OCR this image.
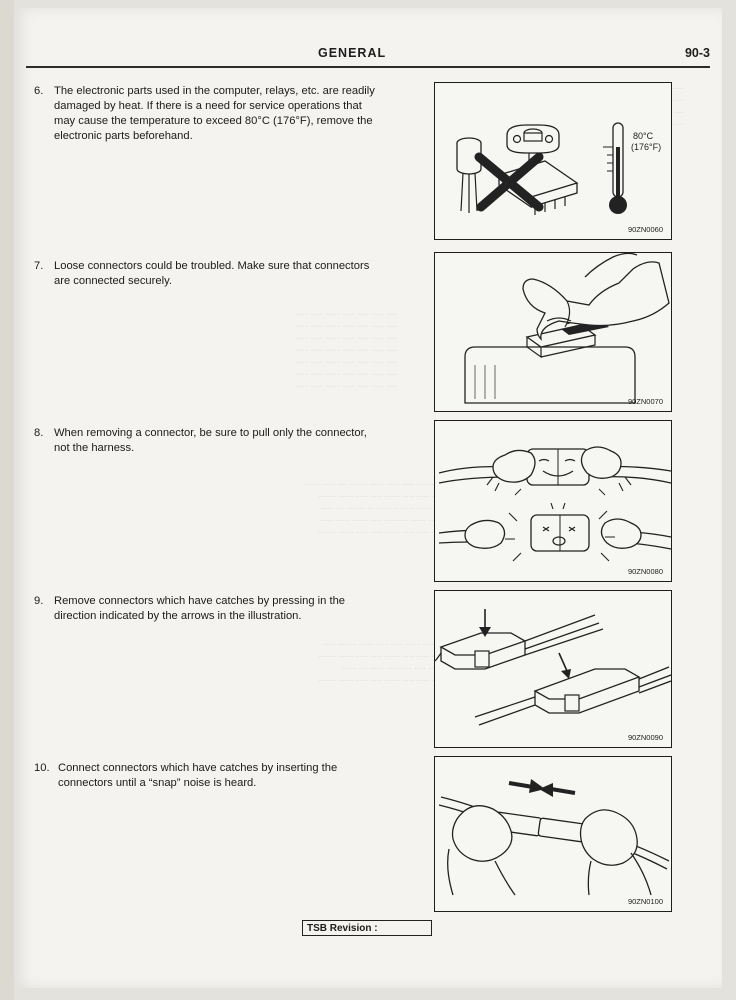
----
----
---
------
---- ---- ---- ---- ----- ---- ----
---- ---- ---- ---- ----- ---- ----
---- ---- ---- ---- ----- ---- ----
---- ---- ---- ---- ----- ---- ----
---- ---- ---- ---- ----- ---- ----
---- ---- ---- ---- ----- ---- ----
---- ---- ---- ---- ----- ---- ----
------- ------ ---- ---- ----- ------ --- ---- ------
---- ---- ---- ---- ----- ---- ---- ----- ------
---- --- ----- ------- ----- -- ------ --- ----
----- ---- ----- -------- ---- ----- ----- ----
---- ---- ---- ---- ----- ---- ---- ----- ------
---- ------- ----- ---- ---- ----- ------ ----
---- ---- ---- ---- ----- ---- ---- ----- ------
---- ----- ---- -------- ----- --- -----
---- ---- ---- ---- ----- ---- ---- ----- ------
GENERAL	90-3
6. The electronic parts used in the computer, relays, etc. are readily damaged by heat. If there is a need for service operations that may cause the temperature to exceed 80°C (176°F), remove the electronic parts beforehand.
7. Loose connectors could be troubled. Make sure that connectors are connected securely.
8. When removing a connector, be sure to pull only the connector, not the harness.
9. Remove connectors which have catches by pressing in the direction indicated by the arrows in the illustration.
10. Connect connectors which have catches by inserting the connectors until a “snap” noise is heard.
80°C
(176°F)
90ZN0060
90ZN0070
90ZN0080
90ZN0090
90ZN0100
TSB Revision :
